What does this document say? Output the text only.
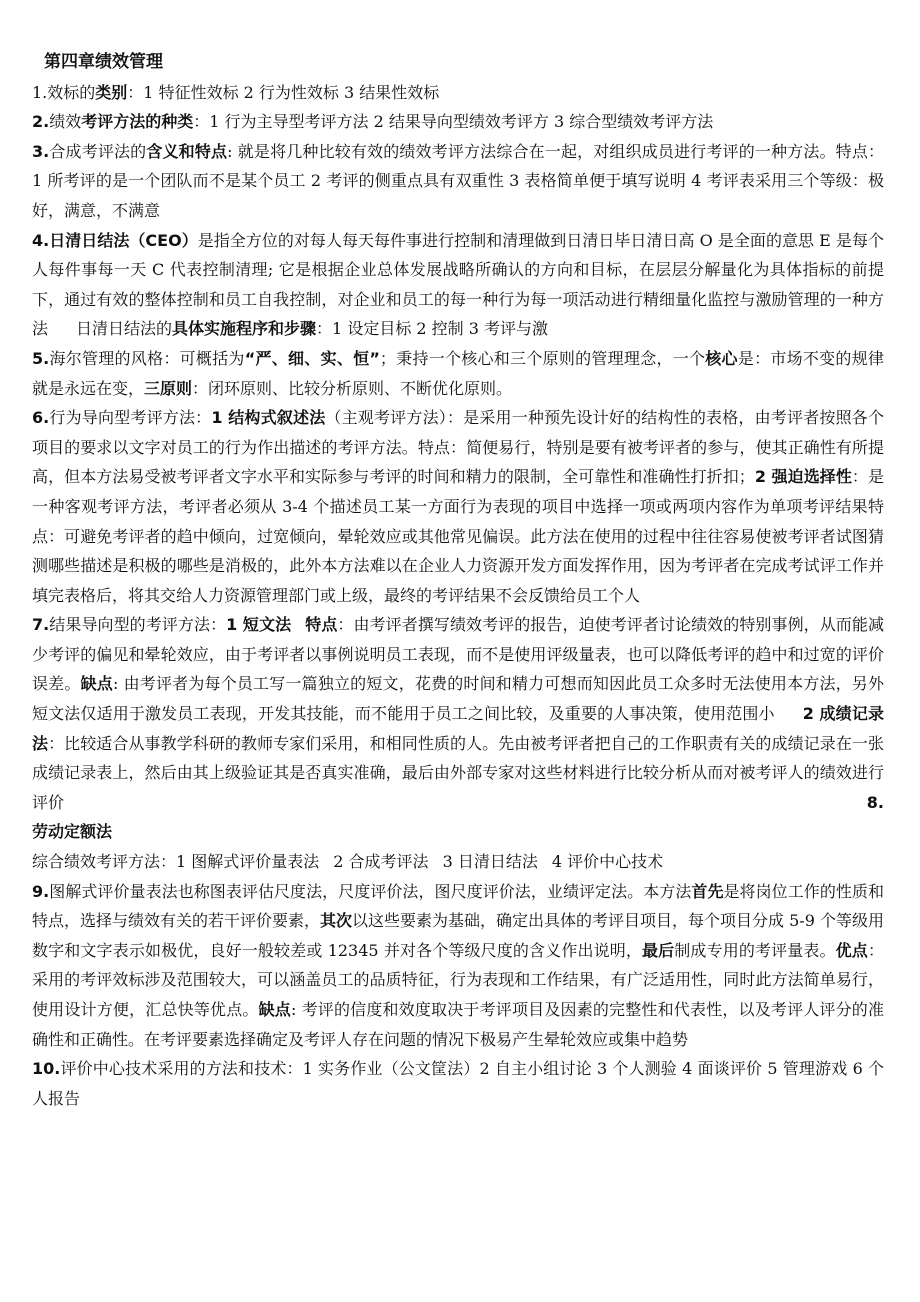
第四章绩效管理

1.效标的类别：1 特征性效标 2 行为性效标 3 结果性效标

2.绩效考评方法的种类：1 行为主导型考评方法 2 结果导向型绩效考评方 3 综合型绩效考评方法

3.合成考评法的含义和特点: 就是将几种比较有效的绩效考评方法综合在一起，对组织成员进行考评的一种方法。特点：1 所考评的是一个团队而不是某个员工 2 考评的侧重点具有双重性 3 表格简单便于填写说明 4 考评表采用三个等级：极好，满意，不满意

4.日清日结法（CEO）是指全方位的对每人每天每件事进行控制和清理做到日清日毕日清日高 O 是全面的意思 E 是每个人每件事每一天 C 代表控制清理; 它是根据企业总体发展战略所确认的方向和目标，在层层分解量化为具体指标的前提下，通过有效的整体控制和员工自我控制，对企业和员工的每一种行为每一项活动进行精细量化监控与激励管理的一种方法 日清日结法的具体实施程序和步骤：1 设定目标 2 控制 3 考评与激

5.海尔管理的风格：可概括为“严、细、实、恒”；秉持一个核心和三个原则的管理理念，一个核心是：市场不变的规律就是永远在变，三原则：闭环原则、比较分析原则、不断优化原则。

6.行为导向型考评方法：1 结构式叙述法（主观考评方法）：是采用一种预先设计好的结构性的表格，由考评者按照各个项目的要求以文字对员工的行为作出描述的考评方法。特点：简便易行，特别是要有被考评者的参与，使其正确性有所提高，但本方法易受被考评者文字水平和实际参与考评的时间和精力的限制，全可靠性和准确性打折扣；2 强迫选择性：是一种客观考评方法，考评者必须从 3-4 个描述员工某一方面行为表现的项目中选择一项或两项内容作为单项考评结果特点：可避免考评者的趋中倾向，过宽倾向，晕轮效应或其他常见偏误。此方法在使用的过程中往往容易使被考评者试图猜测哪些描述是积极的哪些是消极的，此外本方法难以在企业人力资源开发方面发挥作用，因为考评者在完成考试评工作并填完表格后，将其交给人力资源管理部门或上级，最终的考评结果不会反馈给员工个人

7.结果导向型的考评方法：1 短文法 特点：由考评者撰写绩效考评的报告，迫使考评者讨论绩效的特别事例，从而能减少考评的偏见和晕轮效应，由于考评者以事例说明员工表现，而不是使用评级量表，也可以降低考评的趋中和过宽的评价误差。缺点: 由考评者为每个员工写一篇独立的短文，花费的时间和精力可想而知因此员工众多时无法使用本方法，另外短文法仅适用于激发员工表现，开发其技能，而不能用于员工之间比较，及重要的人事决策，使用范围小 2 成绩记录法：比较适合从事教学科研的教师专家们采用，和相同性质的人。先由被考评者把自己的工作职责有关的成绩记录在一张成绩记录表上，然后由其上级验证其是否真实准确，最后由外部专家对这些材料进行比较分析从而对被考评人的绩效进行评价	8.

劳动定额法

综合绩效考评方法：1 图解式评价量表法 2 合成考评法 3 日清日结法 4 评价中心技术

9.图解式评价量表法也称图表评估尺度法，尺度评价法，图尺度评价法，业绩评定法。本方法首先是将岗位工作的性质和特点，选择与绩效有关的若干评价要素，其次以这些要素为基础，确定出具体的考评目项目，每个项目分成 5-9 个等级用数字和文字表示如极优，良好一般较差或 12345 并对各个等级尺度的含义作出说明，最后制成专用的考评量表。优点：采用的考评效标涉及范围较大，可以涵盖员工的品质特征，行为表现和工作结果，有广泛适用性，同时此方法简单易行，使用设计方便，汇总快等优点。缺点: 考评的信度和效度取决于考评项目及因素的完整性和代表性，以及考评人评分的准确性和正确性。在考评要素选择确定及考评人存在问题的情况下极易产生晕轮效应或集中趋势

10.评价中心技术采用的方法和技术：1 实务作业（公文筐法）2 自主小组讨论 3 个人测验 4 面谈评价 5 管理游戏 6 个人报告
